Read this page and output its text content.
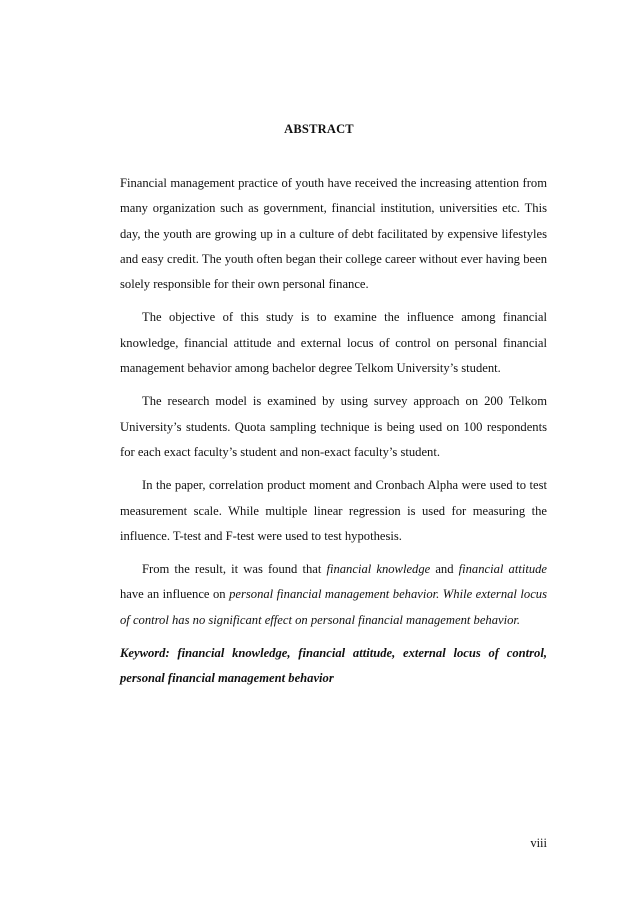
ABSTRACT

Financial management practice of youth have received the increasing attention from many organization such as government, financial institution, universities etc. This day, the youth are growing up in a culture of debt facilitated by expensive lifestyles and easy credit. The youth often began their college career without ever having been solely responsible for their own personal finance.

The objective of this study is to examine the influence among financial knowledge, financial attitude and external locus of control on personal financial management behavior among bachelor degree Telkom University’s student.

The research model is examined by using survey approach on 200 Telkom University’s students. Quota sampling technique is being used on 100 respondents for each exact faculty’s student and non-exact faculty’s student.

In the paper, correlation product moment and Cronbach Alpha were used to test measurement scale. While multiple linear regression is used for measuring the influence. T-test and F-test were used to test hypothesis.

From the result, it was found that financial knowledge and financial attitude have an influence on personal financial management behavior. While external locus of control has no significant effect on personal financial management behavior.

Keyword: financial knowledge, financial attitude, external locus of control, personal financial management behavior

viii
